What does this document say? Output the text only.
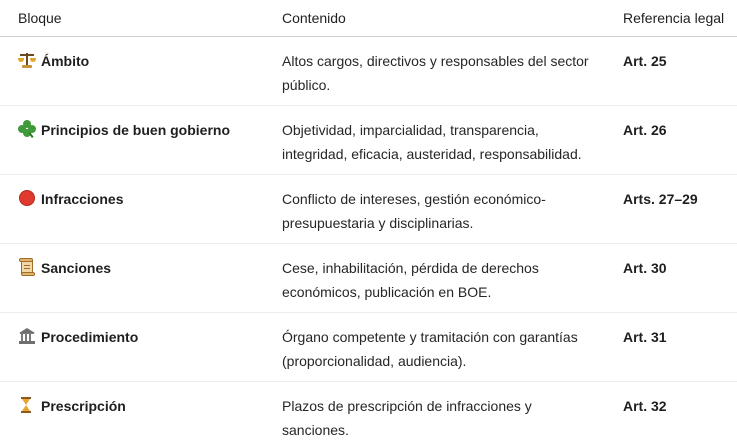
Bloque	Contenido	Referencia legal

Ámbito	Altos cargos, directivos y responsables del sector público.	Art. 25

Principios de buen gobierno	Objetividad, imparcialidad, transparencia, integridad, eficacia, austeridad, responsabilidad.	Art. 26

Infracciones	Conflicto de intereses, gestión económico-presupuestaria y disciplinarias.	Arts. 27–29

Sanciones	Cese, inhabilitación, pérdida de derechos económicos, publicación en BOE.	Art. 30

Procedimiento	Órgano competente y tramitación con garantías (proporcionalidad, audiencia).	Art. 31

Prescripción	Plazos de prescripción de infracciones y sanciones.	Art. 32
